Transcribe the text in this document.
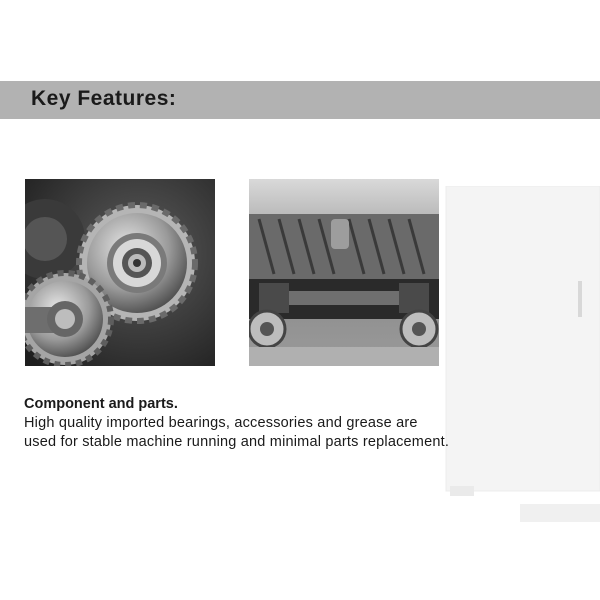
Key Features:
Component and parts.

High quality imported bearings, accessories and grease are used for stable machine running and minimal parts replacement.
